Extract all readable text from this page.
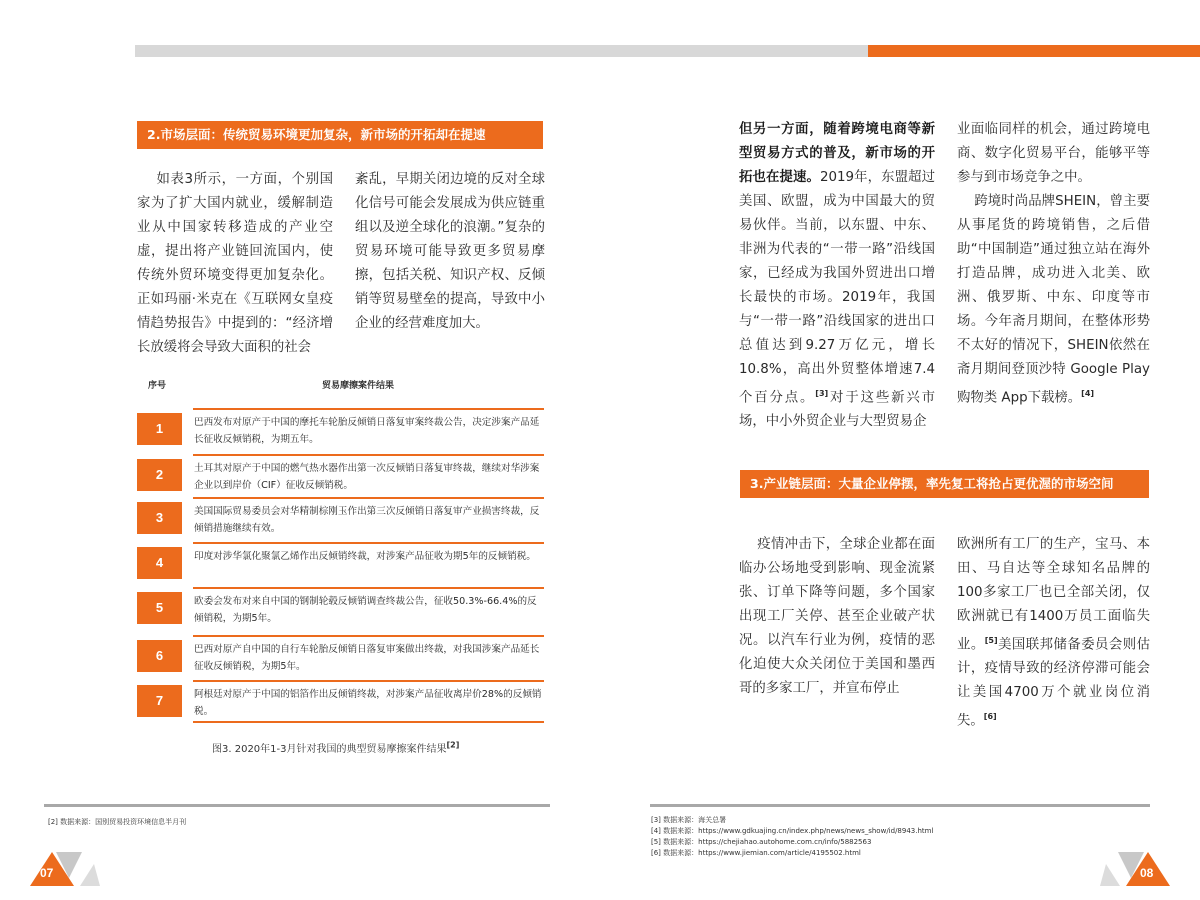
2.市场层面：传统贸易环境更加复杂，新市场的开拓却在提速
如表3所示，一方面，个别国家为了扩大国内就业，缓解制造业从中国家转移造成的产业空虚，提出将产业链回流国内，使传统外贸环境变得更加复杂化。正如玛丽·米克在《互联网女皇疫情趋势报告》中提到的：“经济增长放缓将会导致大面积的社会
紊乱，早期关闭边境的反对全球化信号可能会发展成为供应链重组以及逆全球化的浪潮。”复杂的贸易环境可能导致更多贸易摩擦，包括关税、知识产权、反倾销等贸易壁垒的提高，导致中小企业的经营难度加大。
序号	贸易摩擦案件结果
1	巴西发布对原产于中国的摩托车轮胎反倾销日落复审案终裁公告，决定涉案产品延长征收反倾销税，为期五年。
2	土耳其对原产于中国的燃气热水器作出第一次反倾销日落复审终裁，继续对华涉案企业以到岸价（CIF）征收反倾销税。
3	美国国际贸易委员会对华精制棕刚玉作出第三次反倾销日落复审产业损害终裁，反倾销措施继续有效。
4	印度对涉华氯化聚氯乙烯作出反倾销终裁，对涉案产品征收为期5年的反倾销税。
5	欧委会发布对来自中国的钢制轮毂反倾销调查终裁公告，征收50.3%-66.4%的反倾销税，为期5年。
6	巴西对原产自中国的自行车轮胎反倾销日落复审案做出终裁，对我国涉案产品延长征收反倾销税，为期5年。
7	阿根廷对原产于中国的铝箔作出反倾销终裁，对涉案产品征收离岸价28%的反倾销税。
图3. 2020年1-3月针对我国的典型贸易摩擦案件结果[2]
[2] 数据来源：国别贸易投资环境信息半月刊
07
但另一方面，随着跨境电商等新型贸易方式的普及，新市场的开拓也在提速。2019年，东盟超过美国、欧盟，成为中国最大的贸易伙伴。当前，以东盟、中东、非洲为代表的“一带一路”沿线国家，已经成为我国外贸进出口增长最快的市场。2019年，我国与“一带一路”沿线国家的进出口总值达到9.27万亿元，增长10.8%，高出外贸整体增速7.4个百分点。[3]对于这些新兴市场，中小外贸企业与大型贸易企
业面临同样的机会，通过跨境电商、数字化贸易平台，能够平等参与到市场竞争之中。
跨境时尚品牌SHEIN，曾主要从事尾货的跨境销售，之后借助“中国制造”通过独立站在海外打造品牌，成功进入北美、欧洲、俄罗斯、中东、印度等市场。今年斋月期间，在整体形势不太好的情况下，SHEIN依然在斋月期间登顶沙特 Google Play购物类 App下载榜。[4]
3.产业链层面：大量企业停摆，率先复工将抢占更优渥的市场空间
疫情冲击下，全球企业都在面临办公场地受到影响、现金流紧张、订单下降等问题，多个国家出现工厂关停、甚至企业破产状况。以汽车行业为例，疫情的恶化迫使大众关闭位于美国和墨西哥的多家工厂，并宣布停止
欧洲所有工厂的生产，宝马、本田、马自达等全球知名品牌的100多家工厂也已全部关闭，仅欧洲就已有1400万员工面临失业。[5]美国联邦储备委员会则估计，疫情导致的经济停滞可能会让美国4700万个就业岗位消失。[6]
[3] 数据来源：海关总署
[4] 数据来源：https://www.gdkuajing.cn/index.php/news/news_show/id/8943.html
[5] 数据来源：https://chejiahao.autohome.com.cn/info/5882563
[6] 数据来源：https://www.jiemian.com/article/4195502.html
08
